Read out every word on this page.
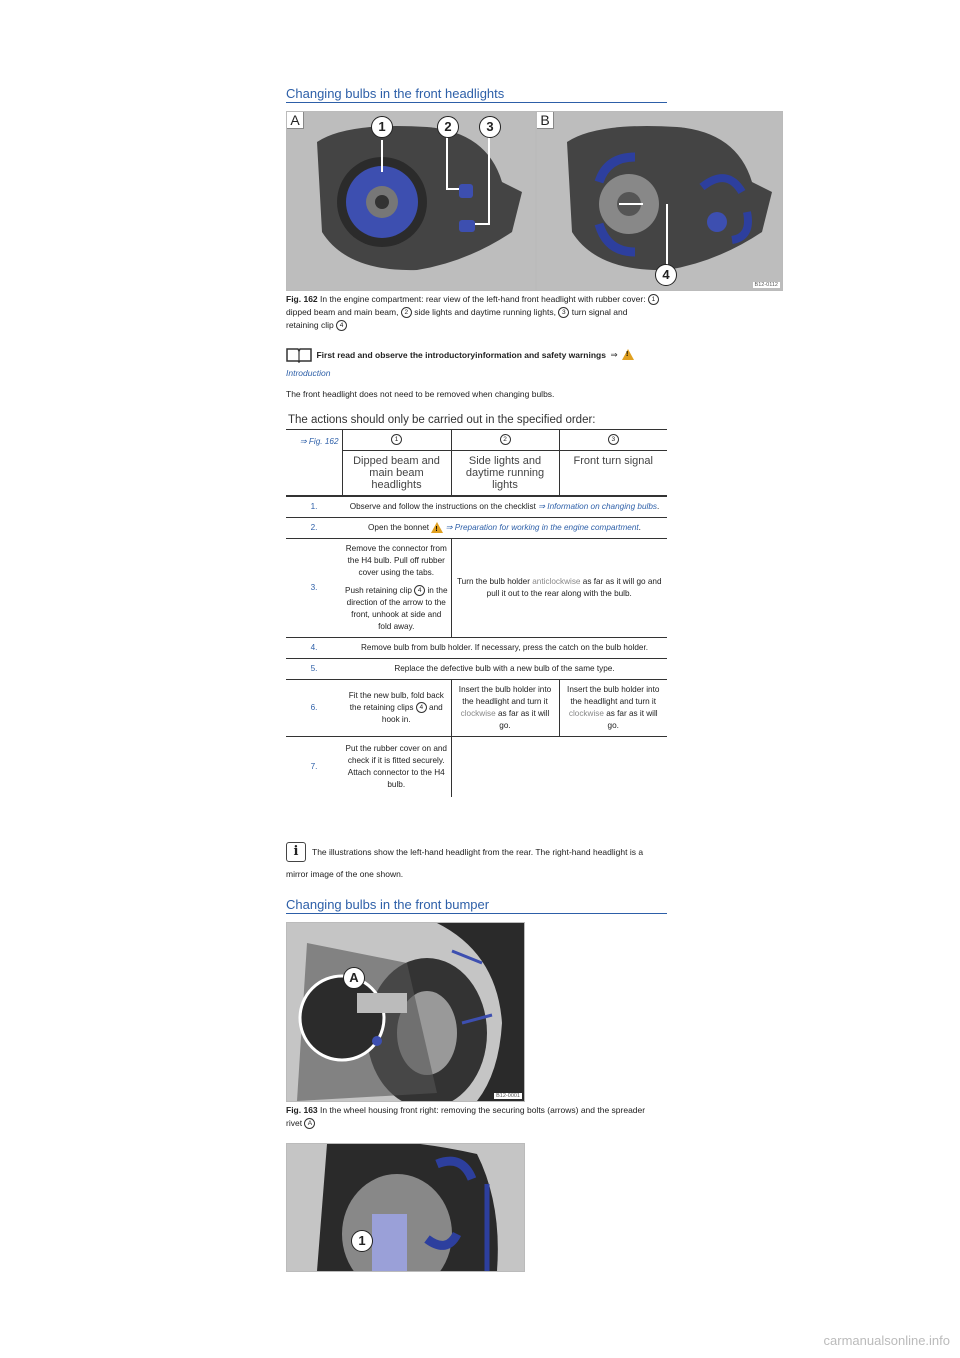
Changing bulbs in the front headlights
A	1	2	3	B
4
B12-0112
Fig. 162 In the engine compartment: rear view of the left-hand front headlight with rubber cover: 1
dipped beam and main beam, 2 side lights and daytime running lights, 3 turn signal and
retaining clip 4
First read and observe the introductoryinformation and safety warnings ⇒ !
Introduction
The front headlight does not need to be removed when changing bulbs.
The actions should only be carried out in the specified order:
⇒ Fig. 162	1	2	3
	Dipped beam and main beam headlights	Side lights and daytime running lights	Front turn signal
1.	Observe and follow the instructions on the checklist ⇒ Information on changing bulbs.		
2.	Open the bonnet ! ⇒ Preparation for working in the engine compartment.		
3.	Remove the connector from the H4 bulb. Pull off rubber cover using the tabs.
Push retaining clip 4 in the direction of the arrow to the front, unhook at side and fold away.	Turn the bulb holder anticlockwise as far as it will go and pull it out to the rear along with the bulb.	
4.	Remove bulb from bulb holder. If necessary, press the catch on the bulb holder.		
5.	Replace the defective bulb with a new bulb of the same type.		
6.	Fit the new bulb, fold back the retaining clips 4 and hook in.	Insert the bulb holder into the headlight and turn it clockwise as far as it will go.	Insert the bulb holder into the headlight and turn it clockwise as far as it will go.
7.	Put the rubber cover on and check if it is fitted securely. Attach connector to the H4 bulb.		
i	The illustrations show the left-hand headlight from the rear. The right-hand headlight is a
mirror image of the one shown.
Changing bulbs in the front bumper
A
B12-0001
Fig. 163 In the wheel housing front right: removing the securing bolts (arrows) and the spreader
rivet A
1
carmanualsonline.info
